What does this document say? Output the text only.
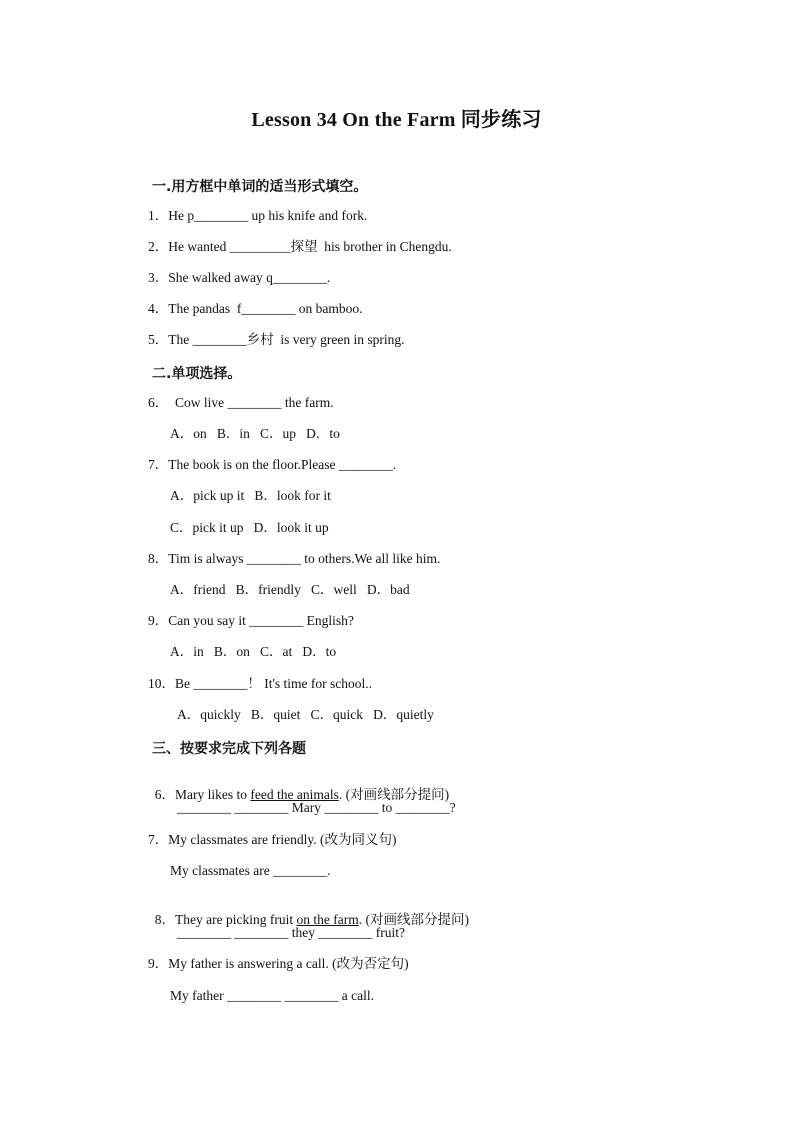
Lesson 34 On the Farm 同步练习
一.用方框中单词的适当形式填空。
1．He p________ up his knife and fork.
2．He wanted _________探望  his brother in Chengdu.
3．She walked away q________.
4．The pandas  f________ on bamboo.
5．The ________乡村  is very green in spring.
二.单项选择。
6．  Cow live ________ the farm.
A．on   B．in   C．up   D．to
7．The book is on the floor.Please ________.
A．pick up it   B．look for it
C．pick it up   D．look it up
8．Tim is always ________ to others.We all like him.
A．friend   B．friendly   C．well   D．bad
9．Can you say it ________ English?
A．in   B．on   C．at   D．to
10．Be ________！ It's time for school..
A．quickly   B．quiet   C．quick   D．quietly
三、按要求完成下列各题

6．Mary likes to feed the animals. (对画线部分提问)

________ ________ Mary ________ to ________?
7．My classmates are friendly. (改为同义句)
My classmates are ________.

8．They are picking fruit on the farm. (对画线部分提问)

________ ________ they ________ fruit?
9．My father is answering a call. (改为否定句)
My father ________ ________ a call.
